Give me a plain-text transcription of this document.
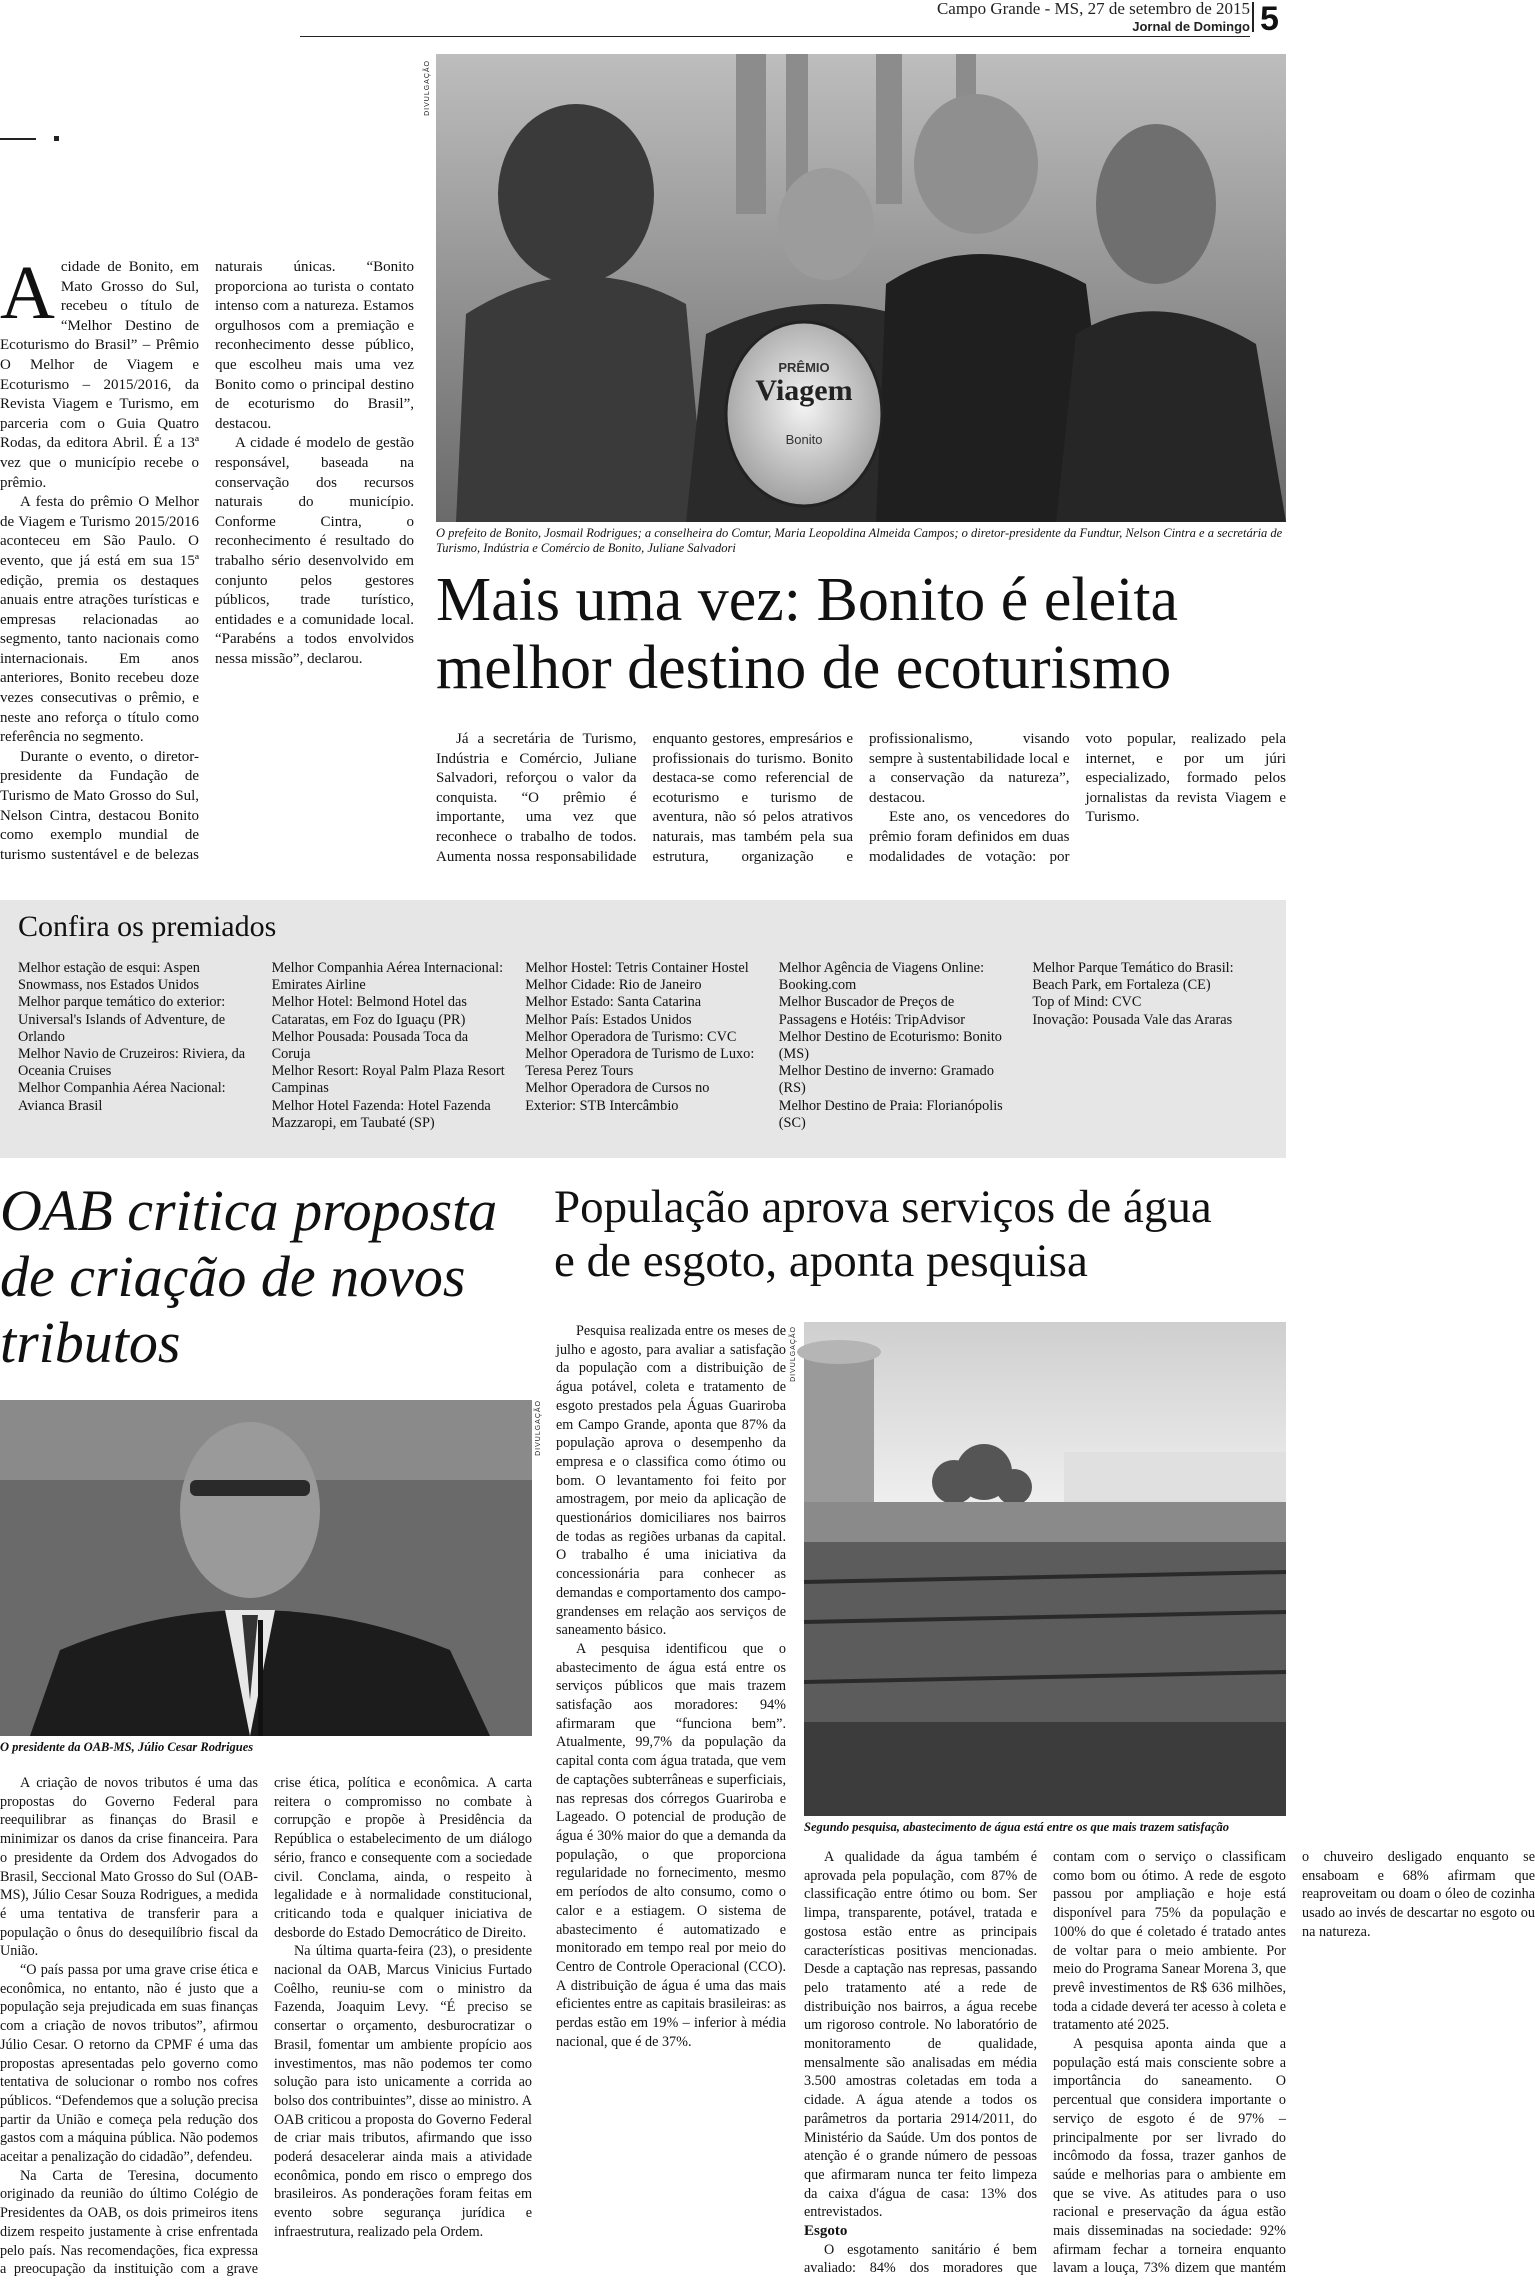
Campo Grande - MS, 27 de setembro de 2015
Jornal de Domingo 5
DIVULGAÇÃO
PRÊMIO
Viagem
Bonito
O prefeito de Bonito, Josmail Rodrigues; a conselheira do Comtur, Maria Leopoldina Almeida Campos; o diretor-presidente da Fundtur, Nelson Cintra e a secretária de Turismo, Indústria e Comércio de Bonito, Juliane Salvadori
Mais uma vez: Bonito é eleita
melhor destino de ecoturismo

Acidade de Bonito, em Mato Grosso do Sul, recebeu o título de “Melhor Destino de Ecoturismo do Brasil” – Prêmio O Melhor de Viagem e Ecoturismo – 2015/2016, da Revista Viagem e Turismo, em parceria com o Guia Quatro Rodas, da editora Abril. É a 13ª vez que o município recebe o prêmio.

A festa do prêmio O Melhor de Viagem e Turismo 2015/2016 aconteceu em São Paulo. O evento, que já está em sua 15ª edição, premia os destaques anuais entre atrações turísticas e empresas relacionadas ao segmento, tanto nacionais como internacionais. Em anos anteriores, Bonito recebeu doze vezes consecutivas o prêmio, e neste ano reforça o título como referência no segmento.

Durante o evento, o diretor-presidente da Fundação de Turismo de Mato Grosso do Sul, Nelson Cintra, destacou Bonito como exemplo mundial de turismo sustentável e de belezas naturais únicas. “Bonito proporciona ao turista o contato intenso com a natureza. Estamos orgulhosos com a premiação e reconhecimento desse público, que escolheu mais uma vez Bonito como o principal destino de ecoturismo do Brasil”, destacou.

A cidade é modelo de gestão responsável, baseada na conservação dos recursos naturais do município. Conforme Cintra, o reconhecimento é resultado do trabalho sério desenvolvido em conjunto pelos gestores públicos, trade turístico, entidades e a comunidade local. “Parabéns a todos envolvidos nessa missão”, declarou.

Já a secretária de Turismo, Indústria e Comércio, Juliane Salvadori, reforçou o valor da conquista. “O prêmio é importante, uma vez que reconhece o trabalho de todos. Aumenta nossa responsabilidade enquanto gestores, empresários e profissionais do turismo. Bonito destaca-se como referencial de ecoturismo e turismo de aventura, não só pelos atrativos naturais, mas também pela sua estrutura, organização e profissionalismo, visando sempre à sustentabilidade local e a conservação da natureza”, destacou.

Este ano, os vencedores do prêmio foram definidos em duas modalidades de votação: por voto popular, realizado pela internet, e por um júri especializado, formado pelos jornalistas da revista Viagem e Turismo.

Confira os premiados
Melhor estação de esqui: Aspen Snowmass, nos Estados Unidos
Melhor parque temático do exterior: Universal's Islands of Adventure, de Orlando
Melhor Navio de Cruzeiros: Riviera, da Oceania Cruises
Melhor Companhia Aérea Nacional: Avianca Brasil
Melhor Companhia Aérea Internacional: Emirates Airline
Melhor Hotel: Belmond Hotel das Cataratas, em Foz do Iguaçu (PR)
Melhor Pousada: Pousada Toca da Coruja
Melhor Resort: Royal Palm Plaza Resort Campinas
Melhor Hotel Fazenda: Hotel Fazenda Mazzaropi, em Taubaté (SP)
Melhor Hostel: Tetris Container Hostel
Melhor Cidade: Rio de Janeiro
Melhor Estado: Santa Catarina
Melhor País: Estados Unidos
Melhor Operadora de Turismo: CVC
Melhor Operadora de Turismo de Luxo: Teresa Perez Tours
Melhor Operadora de Cursos no Exterior: STB Intercâmbio
Melhor Agência de Viagens Online: Booking.com
Melhor Buscador de Preços de Passagens e Hotéis: TripAdvisor
Melhor Destino de Ecoturismo: Bonito (MS)
Melhor Destino de inverno: Gramado (RS)
Melhor Destino de Praia: Florianópolis (SC)
Melhor Parque Temático do Brasil: Beach Park, em Fortaleza (CE)
Top of Mind: CVC
Inovação: Pousada Vale das Araras
OAB critica proposta de criação de novos tributos
DIVULGAÇÃO
O presidente da OAB-MS, Júlio Cesar Rodrigues

A criação de novos tributos é uma das propostas do Governo Federal para reequilibrar as finanças do Brasil e minimizar os danos da crise financeira. Para o presidente da Ordem dos Advogados do Brasil, Seccional Mato Grosso do Sul (OAB-MS), Júlio Cesar Souza Rodrigues, a medida é uma tentativa de transferir para a população o ônus do desequilíbrio fiscal da União.

“O país passa por uma grave crise ética e econômica, no entanto, não é justo que a população seja prejudicada em suas finanças com a criação de novos tributos”, afirmou Júlio Cesar. O retorno da CPMF é uma das propostas apresentadas pelo governo como tentativa de solucionar o rombo nos cofres públicos. “Defendemos que a solução precisa partir da União e começa pela redução dos gastos com a máquina pública. Não podemos aceitar a penalização do cidadão”, defendeu.

Na Carta de Teresina, documento originado da reunião do último Colégio de Presidentes da OAB, os dois primeiros itens dizem respeito justamente à crise enfrentada pelo país. Nas recomendações, fica expressa a preocupação da instituição com a grave crise ética, política e econômica. A carta reitera o compromisso no combate à corrupção e propõe à Presidência da República o estabelecimento de um diálogo sério, franco e consequente com a sociedade civil. Conclama, ainda, o respeito à legalidade e à normalidade constitucional, criticando toda e qualquer iniciativa de desborde do Estado Democrático de Direito.

Na última quarta-feira (23), o presidente nacional da OAB, Marcus Vinicius Furtado Coêlho, reuniu-se com o ministro da Fazenda, Joaquim Levy. “É preciso se consertar o orçamento, desburocratizar o Brasil, fomentar um ambiente propício aos investimentos, mas não podemos ter como solução para isto unicamente a corrida ao bolso dos contribuintes”, disse ao ministro. A OAB criticou a proposta do Governo Federal de criar mais tributos, afirmando que isso poderá desacelerar ainda mais a atividade econômica, pondo em risco o emprego dos brasileiros. As ponderações foram feitas em evento sobre segurança jurídica e infraestrutura, realizado pela Ordem.

População aprova serviços de água
e de esgoto, aponta pesquisa
DIVULGAÇÃO
Segundo pesquisa, abastecimento de água está entre os que mais trazem satisfação

Pesquisa realizada entre os meses de julho e agosto, para avaliar a satisfação da população com a distribuição de água potável, coleta e tratamento de esgoto prestados pela Águas Guariroba em Campo Grande, aponta que 87% da população aprova o desempenho da empresa e o classifica como ótimo ou bom. O levantamento foi feito por amostragem, por meio da aplicação de questionários domiciliares nos bairros de todas as regiões urbanas da capital. O trabalho é uma iniciativa da concessionária para conhecer as demandas e comportamento dos campo-grandenses em relação aos serviços de saneamento básico.

A pesquisa identificou que o abastecimento de água está entre os serviços públicos que mais trazem satisfação aos moradores: 94% afirmaram que “funciona bem”. Atualmente, 99,7% da população da capital conta com água tratada, que vem de captações subterrâneas e superficiais, nas represas dos córregos Guariroba e Lageado. O potencial de produção de água é 30% maior do que a demanda da população, o que proporciona regularidade no fornecimento, mesmo em períodos de alto consumo, como o calor e a estiagem. O sistema de abastecimento é automatizado e monitorado em tempo real por meio do Centro de Controle Operacional (CCO). A distribuição de água é uma das mais eficientes entre as capitais brasileiras: as perdas estão em 19% – inferior à média nacional, que é de 37%.

A qualidade da água também é aprovada pela população, com 87% de classificação entre ótimo ou bom. Ser limpa, transparente, potável, tratada e gostosa estão entre as principais características positivas mencionadas. Desde a captação nas represas, passando pelo tratamento até a rede de distribuição nos bairros, a água recebe um rigoroso controle. No laboratório de monitoramento de qualidade, mensalmente são analisadas em média 3.500 amostras coletadas em toda a cidade. A água atende a todos os parâmetros da portaria 2914/2011, do Ministério da Saúde. Um dos pontos de atenção é o grande número de pessoas que afirmaram nunca ter feito limpeza da caixa d'água de casa: 13% dos entrevistados.

Esgoto

O esgotamento sanitário é bem avaliado: 84% dos moradores que contam com o serviço o classificam como bom ou ótimo. A rede de esgoto passou por ampliação e hoje está disponível para 75% da população e 100% do que é coletado é tratado antes de voltar para o meio ambiente. Por meio do Programa Sanear Morena 3, que prevê investimentos de R$ 636 milhões, toda a cidade deverá ter acesso à coleta e tratamento até 2025.

A pesquisa aponta ainda que a população está mais consciente sobre a importância do saneamento. O percentual que considera importante o serviço de esgoto é de 97% – principalmente por ser livrado do incômodo da fossa, trazer ganhos de saúde e melhorias para o ambiente em que se vive. As atitudes para o uso racional e preservação da água estão mais disseminadas na sociedade: 92% afirmam fechar a torneira enquanto lavam a louça, 73% dizem que mantém o chuveiro desligado enquanto se ensaboam e 68% afirmam que reaproveitam ou doam o óleo de cozinha usado ao invés de descartar no esgoto ou na natureza.
